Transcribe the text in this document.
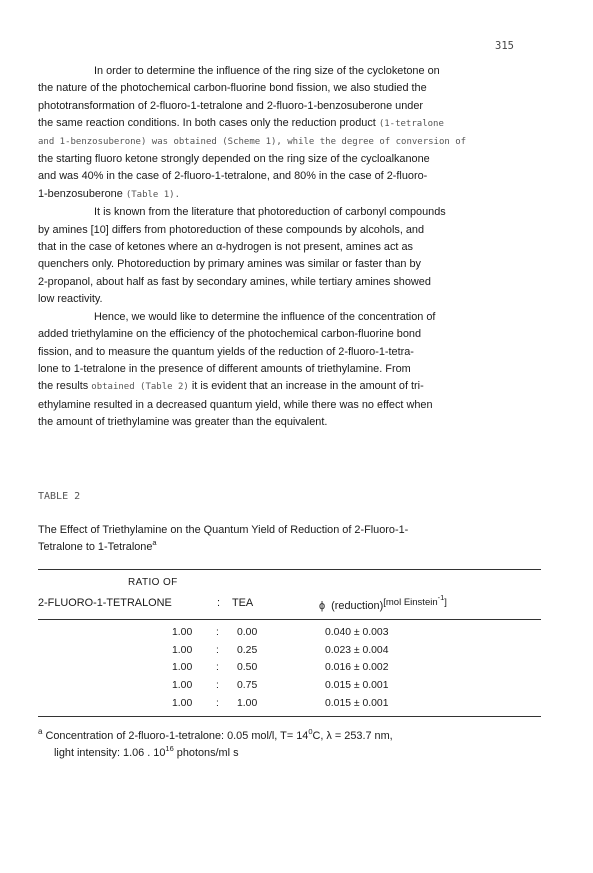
315
In order to determine the influence of the ring size of the cycloketone on
the nature of the photochemical carbon-fluorine bond fission, we also studied the
phototransformation of 2-fluoro-1-tetralone and 2-fluoro-1-benzosuberone under
the same reaction conditions. In both cases only the reduction product (1-tetralone
and 1-benzosuberone) was obtained (Scheme 1), while the degree of conversion of
the starting fluoro ketone strongly depended on the ring size of the cycloalkanone
and was 40% in the case of 2-fluoro-1-tetralone, and 80% in the case of 2-fluoro-
1-benzosuberone (Table 1).
It is known from the literature that photoreduction of carbonyl compounds
by amines [10] differs from photoreduction of these compounds by alcohols, and
that in the case of ketones where an α-hydrogen is not present, amines act as
quenchers only. Photoreduction by primary amines was similar or faster than by
2-propanol, about half as fast by secondary amines, while tertiary amines showed
low reactivity.
Hence, we would like to determine the influence of the concentration of
added triethylamine on the efficiency of the photochemical carbon-fluorine bond
fission, and to measure the quantum yields of the reduction of 2-fluoro-1-tetra-
lone to 1-tetralone in the presence of different amounts of triethylamine. From
the results obtained (Table 2) it is evident that an increase in the amount of tri-
ethylamine resulted in a decreased quantum yield, while there was no effect when
the amount of triethylamine was greater than the equivalent.
TABLE 2
The Effect of Triethylamine on the Quantum Yield of Reduction of 2-Fluoro-1-
Tetralone to 1-Tetralone$^a$
RATIO OF
2-FLUORO-1-TETRALONE	: TEA	ϕ (reduction)[mol Einstein$^{-1}$]
1.00 : 0.00	0.040 ± 0.003
1.00 : 0.25	0.023 ± 0.004
1.00 : 0.50	0.016 ± 0.002
1.00 : 0.75	0.015 ± 0.001
1.00 : 1.00	0.015 ± 0.001
$^a$ Concentration of 2-fluoro-1-tetralone: 0.05 mol/l, $T= 14^0C$, λ = 253.7 nm,
light intensity: 1.06 . $10^{16}$ photons/ml s
